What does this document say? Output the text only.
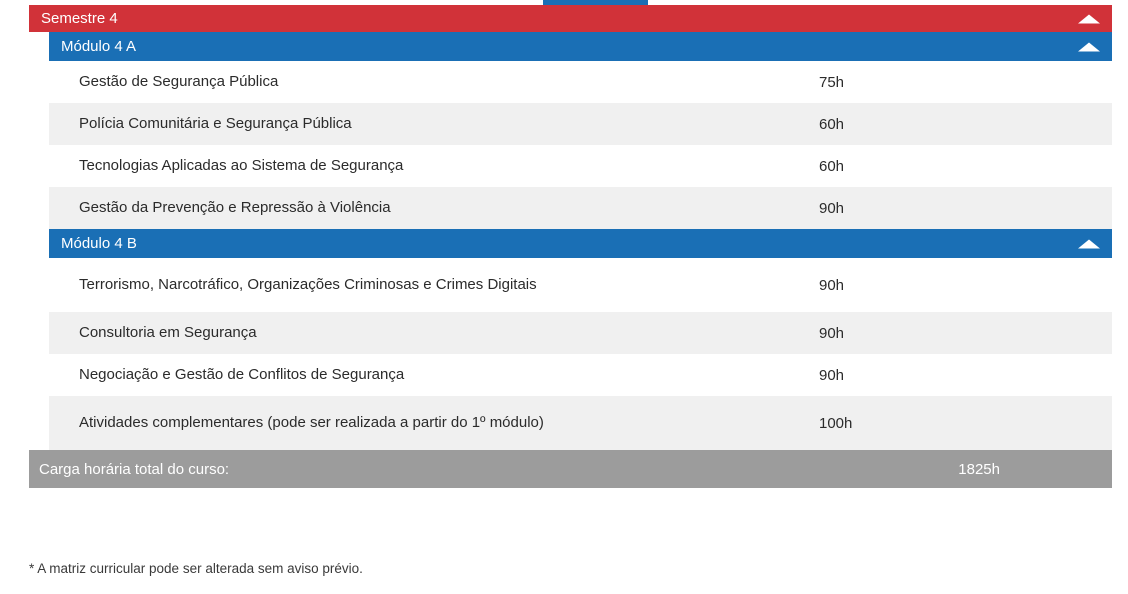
Semestre 4
Módulo 4 A
Gestão de Segurança Pública	75h
Polícia Comunitária e Segurança Pública	60h
Tecnologias Aplicadas ao Sistema de Segurança	60h
Gestão da Prevenção e Repressão à Violência	90h
Módulo 4 B
Terrorismo, Narcotráfico, Organizações Criminosas e Crimes Digitais	90h
Consultoria em Segurança	90h
Negociação e Gestão de Conflitos de Segurança	90h
Atividades complementares (pode ser realizada a partir do 1º módulo)	100h
Carga horária total do curso:	1825h
* A matriz curricular pode ser alterada sem aviso prévio.
